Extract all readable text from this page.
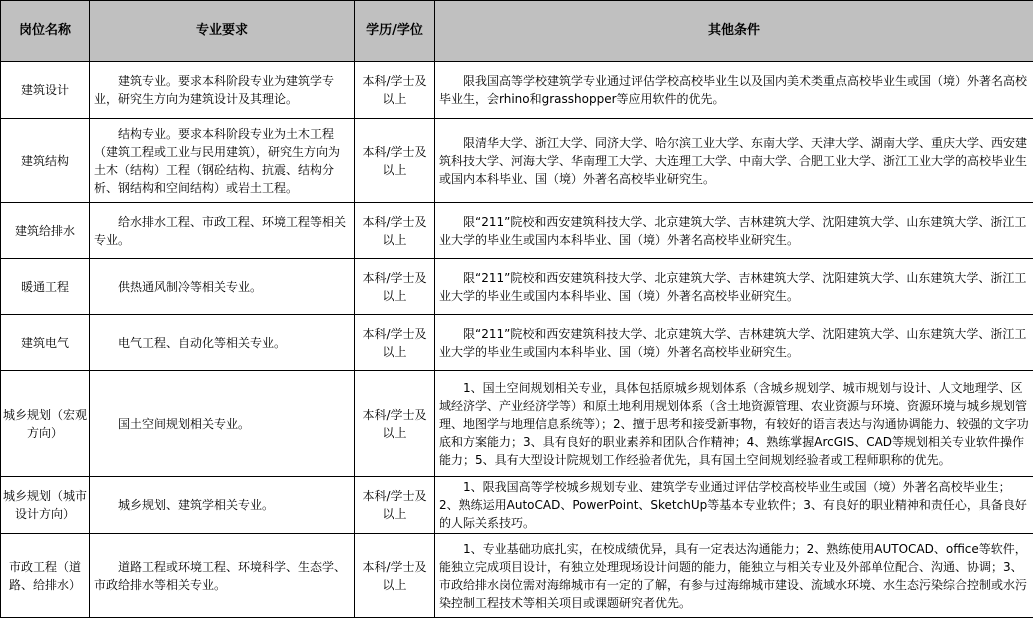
岗位名称	专业要求	学历/学位	其他条件
建筑设计	建筑专业。要求本科阶段专业为建筑学专业，研究生方向为建筑设计及其理论。	本科/学士及以上	限我国高等学校建筑学专业通过评估学校高校毕业生以及国内美术类重点高校毕业生或国（境）外著名高校毕业生，会rhino和grasshopper等应用软件的优先。
建筑结构	结构专业。要求本科阶段专业为土木工程（建筑工程或工业与民用建筑），研究生方向为土木（结构）工程（钢砼结构、抗震、结构分析、钢结构和空间结构）或岩土工程。	本科/学士及以上	限清华大学、浙江大学、同济大学、哈尔滨工业大学、东南大学、天津大学、湖南大学、重庆大学、西安建筑科技大学、河海大学、华南理工大学、大连理工大学、中南大学、合肥工业大学、浙江工业大学的高校毕业生或国内本科毕业、国（境）外著名高校毕业研究生。
建筑给排水	给水排水工程、市政工程、环境工程等相关专业。	本科/学士及以上	限“211”院校和西安建筑科技大学、北京建筑大学、吉林建筑大学、沈阳建筑大学、山东建筑大学、浙江工业大学的毕业生或国内本科毕业、国（境）外著名高校毕业研究生。
暖通工程	供热通风制冷等相关专业。	本科/学士及以上	限“211”院校和西安建筑科技大学、北京建筑大学、吉林建筑大学、沈阳建筑大学、山东建筑大学、浙江工业大学的毕业生或国内本科毕业、国（境）外著名高校毕业研究生。
建筑电气	电气工程、自动化等相关专业。	本科/学士及以上	限“211”院校和西安建筑科技大学、北京建筑大学、吉林建筑大学、沈阳建筑大学、山东建筑大学、浙江工业大学的毕业生或国内本科毕业、国（境）外著名高校毕业研究生。
城乡规划（宏观方向）	国土空间规划相关专业。	本科/学士及以上	1、国土空间规划相关专业，具体包括原城乡规划体系（含城乡规划学、城市规划与设计、人文地理学、区域经济学、产业经济学等）和原土地利用规划体系（含土地资源管理、农业资源与环境、资源环境与城乡规划管理、地图学与地理信息系统等）；2、擅于思考和接受新事物，有较好的语言表达与沟通协调能力、较强的文字功底和方案能力；3、具有良好的职业素养和团队合作精神；4、熟练掌握ArcGIS、CAD等规划相关专业软件操作能力；5、具有大型设计院规划工作经验者优先，具有国土空间规划经验者或工程师职称的优先。
城乡规划（城市设计方向）	城乡规划、建筑学相关专业。	本科/学士及以上	1、限我国高等学校城乡规划专业、建筑学专业通过评估学校高校毕业生或国（境）外著名高校毕业生；2、熟练运用AutoCAD、PowerPoint、SketchUp等基本专业软件；3、有良好的职业精神和责任心，具备良好的人际关系技巧。
市政工程（道路、给排水）	道路工程或环境工程、环境科学、生态学、市政给排水等相关专业。	本科/学士及以上	1、专业基础功底扎实，在校成绩优异，具有一定表达沟通能力；2、熟练使用AUTOCAD、office等软件，能独立完成项目设计，有独立处理现场设计问题的能力，能独立与相关专业及外部单位配合、沟通、协调；3、市政给排水岗位需对海绵城市有一定的了解，有参与过海绵城市建设、流域水环境、水生态污染综合控制或水污染控制工程技术等相关项目或课题研究者优先。
